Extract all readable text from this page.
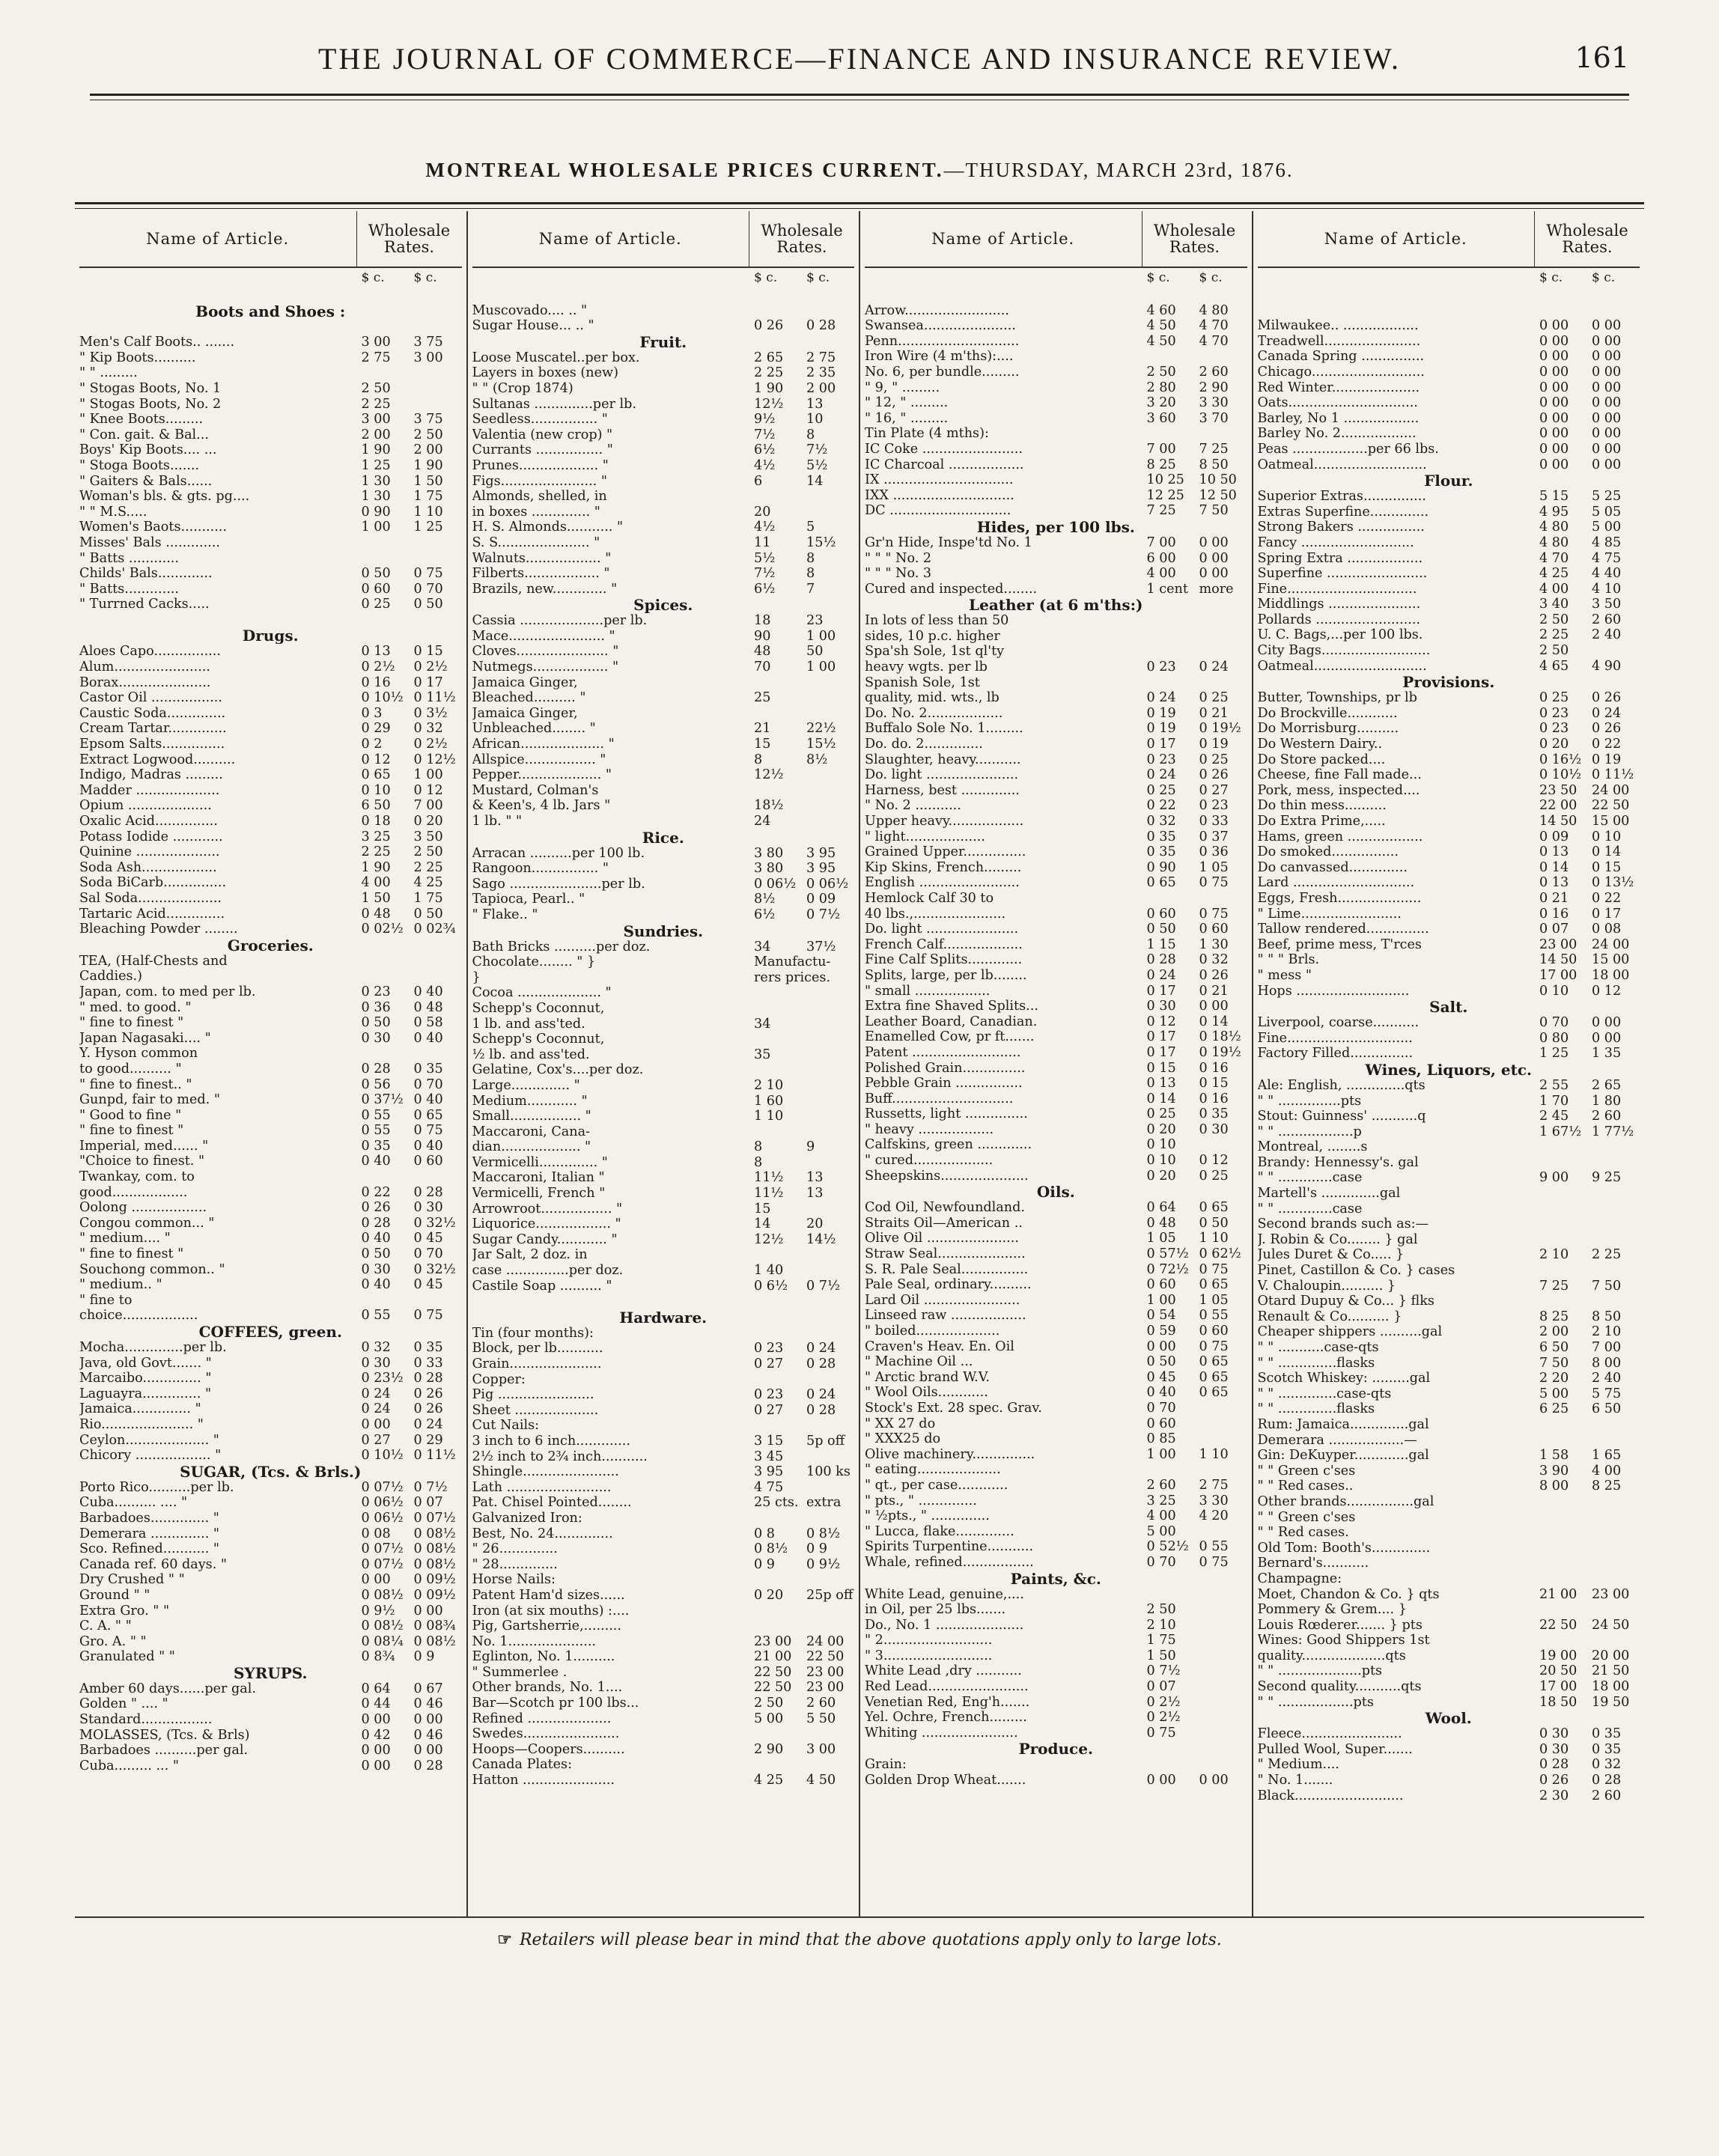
THE JOURNAL OF COMMERCE—FINANCE AND INSURANCE REVIEW.	161
MONTREAL WHOLESALE PRICES CURRENT.—THURSDAY, MARCH 23rd, 1876.
Name of Article.	Wholesale Rates.
$ c.	$ c.
Boots and Shoes :
Men's Calf Boots.. .......	3 00	3 75
" Kip Boots..........	2 75	3 00
" " .........
" Stogas Boots, No. 1	2 50
" Stogas Boots, No. 2	2 25
" Knee Boots.........	3 00	3 75
" Con. gait. & Bal...	2 00	2 50
Boys' Kip Boots.... ...	1 90	2 00
" Stoga Boots.......	1 25	1 90
" Gaiters & Bals......	1 30	1 50
Woman's bls. & gts. pg....	1 30	1 75
" " M.S.....	0 90	1 10
Women's Baots...........	1 00	1 25
Misses' Bals .............
" Batts ............
Childs' Bals.............	0 50	0 75
" Batts.............	0 60	0 70
" Turrned Cacks.....	0 25	0 50
Drugs.
Aloes Capo................	0 13	0 15
Alum.......................	0 2½	0 2½
Borax......................	0 16	0 17
Castor Oil .................	0 10½ 0 11½
Caustic Soda..............	0 3	0 3½
Cream Tartar..............	0 29	0 32
Epsom Salts...............	0 2	0 2½
Extract Logwood..........	0 12	0 12½
Indigo, Madras .........	0 65	1 00
Madder ....................	0 10	0 12
Opium ....................	6 50	7 00
Oxalic Acid...............	0 18	0 20
Potass Iodide ............	3 25	3 50
Quinine ....................	2 25	2 50
Soda Ash..................	1 90	2 25
Soda BiCarb...............	4 00	4 25
Sal Soda....................	1 50	1 75
Tartaric Acid..............	0 48	0 50
Bleaching Powder ........	0 02½ 0 02¾
Groceries.
TEA, (Half-Chests and
Caddies.)
Japan, com. to med per lb.	0 23	0 40
" med. to good. "	0 36	0 48
" fine to finest "	0 50	0 58
Japan Nagasaki.... "	0 30	0 40
Y. Hyson common
to good.......... "	0 28	0 35
" fine to finest.. "	0 56	0 70
Gunpd, fair to med. "	0 37½ 0 40
" Good to fine "	0 55	0 65
" fine to finest "	0 55	0 75
Imperial, med...... "	0 35	0 40
"Choice to finest. "	0 40	0 60
Twankay, com. to
good..................	0 22	0 28
Oolong ..................	0 26	0 30
Congou common... "	0 28	0 32½
" medium.... "	0 40	0 45
" fine to finest "	0 50	0 70
Souchong common.. "	0 30	0 32½
" medium.. "	0 40	0 45
" fine to
choice..................	0 55	0 75
COFFEES, green.
Mocha..............per lb.	0 32	0 35
Java, old Govt....... "	0 30	0 33
Marcaibo.............. "	0 23½ 0 28
Laguayra.............. "	0 24	0 26
Jamaica.............. "	0 24	0 26
Rio...................... "	0 00	0 24
Ceylon.................... "	0 27	0 29
Chicory .................. "	0 10½ 0 11½
SUGAR, (Tcs. & Brls.)
Porto Rico..........per lb.	0 07½ 0 7½
Cuba.......... .... "	0 06½ 0 07
Barbadoes.............. "	0 06½ 0 07½
Demerara .............. "	0 08	0 08½
Sco. Refined........... "	0 07½ 0 08½
Canada ref. 60 days. "	0 07½ 0 08½
Dry Crushed " "	0 00	0 09½
Ground " "	0 08½ 0 09½
Extra Gro. " "	0 9½	0 00
C. A. " "	0 08½ 0 08¾
Gro. A. " "	0 08¼ 0 08½
Granulated " "	0 8¾	0 9
SYRUPS.
Amber 60 days......per gal.	0 64	0 67
Golden " .... "	0 44	0 46
Standard.................	0 00	0 00
MOLASSES, (Tcs. & Brls)	0 42	0 46
Barbadoes ..........per gal.	0 00	0 00
Cuba......... ... "	0 00	0 28
Name of Article.	Wholesale Rates.
$ c.	$ c.
Muscovado.... .. "
Sugar House... .. "	0 26	0 28
Fruit.
Loose Muscatel..per box.	2 65	2 75
Layers in boxes (new)	2 25	2 35
" " (Crop 1874)	1 90	2 00
Sultanas ..............per lb.	12½	13
Seedless................ "	9½	10
Valentia (new crop) "	7½	8
Currants ................ "	6½	7½
Prunes................... "	4½	5½
Figs....................... "	6	14
Almonds, shelled, in
in boxes .............. "	20
H. S. Almonds........... "	4½	5
S. S...................... "	11	15½
Walnuts.................. "	5½	8
Filberts.................. "	7½	8
Brazils, new............. "	6½	7
Spices.
Cassia ....................per lb.	18	23
Mace....................... "	90	1 00
Cloves...................... "	48	50
Nutmegs.................. "	70	1 00
Jamaica Ginger,
Bleached.......... "	25
Jamaica Ginger,
Unbleached........ "	21	22½
African.................... "	15	15½
Allspice................. "	8	8½
Pepper.................... "	12½
Mustard, Colman's
& Keen's, 4 lb. Jars "	18½
1 lb. " "	24
Rice.
Arracan ..........per 100 lb.	3 80	3 95
Rangoon................ "	3 80	3 95
Sago ......................per lb.	0 06½ 0 06½
Tapioca, Pearl.. "	8½	0 09
" Flake.. "	6½	0 7½
Sundries.
Bath Bricks ..........per doz.	34	37½
Chocolate........ " }	Manufactu-
}	rers prices.
Cocoa .................... "
Schepp's Coconnut,
1 lb. and ass'ted.	34
Schepp's Coconnut,
½ lb. and ass'ted.	35
Gelatine, Cox's....per doz.
Large.............. "	2 10
Medium............ "	1 60
Small................. "	1 10
Maccaroni, Cana-
dian................... "	8	9
Vermicelli.............. "	8
Maccaroni, Italian "	11½	13
Vermicelli, French "	11½	13
Arrowroot................. "	15
Liquorice.................. "	14	20
Sugar Candy............ "	12½	14½
Jar Salt, 2 doz. in
case ...............per doz.	1 40
Castile Soap .......... "	0 6½	0 7½
Hardware.
Tin (four months):
Block, per lb...........	0 23	0 24
Grain......................	0 27	0 28
Copper:
Pig .......................	0 23	0 24
Sheet ....................	0 27	0 28
Cut Nails:
3 inch to 6 inch.............	3 15	5p off
2½ inch to 2¾ inch...........	3 45
Shingle.......................	3 95	100 ks
Lath .........................	4 75
Pat. Chisel Pointed........	25 cts. extra
Galvanized Iron:
Best, No. 24..............	0 8	0 8½
" 26..............	0 8½	0 9
" 28..............	0 9	0 9½
Horse Nails:
Patent Ham'd sizes......	0 20	25p off
Iron (at six mouths) :....
Pig, Gartsherrie,.........
No. 1.....................	23 00	24 00
Eglinton, No. 1..........	21 00	22 50
" Summerlee .	22 50	23 00
Other brands, No. 1....	22 50	23 00
Bar—Scotch pr 100 lbs...	2 50	2 60
Refined ....................	5 00	5 50
Swedes.......................
Hoops—Coopers..........	2 90	3 00
Canada Plates:
Hatton ......................	4 25	4 50
Name of Article.	Wholesale Rates.
$ c.	$ c.
Arrow.........................	4 60	4 80
Swansea......................	4 50	4 70
Penn.............................	4 50	4 70
Iron Wire (4 m'ths):....
No. 6, per bundle.........	2 50	2 60
" 9, " .........	2 80	2 90
" 12, " .........	3 20	3 30
" 16, " .........	3 60	3 70
Tin Plate (4 mths):
IC Coke ........................	7 00	7 25
IC Charcoal ..................	8 25	8 50
IX ...............................	10 25	10 50
IXX .............................	12 25	12 50
DC .............................	7 25	7 50
Hides, per 100 lbs.
Gr'n Hide, Inspe'td No. 1	7 00	0 00
" " " No. 2	6 00	0 00
" " " No. 3	4 00	0 00
Cured and inspected........	1 cent more
Leather (at 6 m'ths:)
In lots of less than 50
sides, 10 p.c. higher
Spa'sh Sole, 1st ql'ty
heavy wgts. per lb	0 23	0 24
Spanish Sole, 1st
quality, mid. wts., lb	0 24	0 25
Do. No. 2..................	0 19	0 21
Buffalo Sole No. 1.........	0 19	0 19½
Do. do. 2..............	0 17	0 19
Slaughter, heavy...........	0 23	0 25
Do. light ......................	0 24	0 26
Harness, best ..............	0 25	0 27
" No. 2 ...........	0 22	0 23
Upper heavy..................	0 32	0 33
" light...................	0 35	0 37
Grained Upper...............	0 35	0 36
Kip Skins, French.........	0 90	1 05
English ........................	0 65	0 75
Hemlock Calf 30 to
40 lbs.,......................	0 60	0 75
Do. light ......................	0 50	0 60
French Calf...................	1 15	1 30
Fine Calf Splits.............	0 28	0 32
Splits, large, per lb........	0 24	0 26
" small ..................	0 17	0 21
Extra fine Shaved Splits...	0 30	0 00
Leather Board, Canadian.	0 12	0 14
Enamelled Cow, pr ft.......	0 17	0 18½
Patent ..........................	0 17	0 19½
Polished Grain...............	0 15	0 16
Pebble Grain ................	0 13	0 15
Buff.............................	0 14	0 16
Russetts, light ...............	0 25	0 35
" heavy ..................	0 20	0 30
Calfskins, green .............	0 10
" cured...................	0 10	0 12
Sheepskins.....................	0 20	0 25
Oils.
Cod Oil, Newfoundland.	0 64	0 65
Straits Oil—American ..	0 48	0 50
Olive Oil ......................	1 05	1 10
Straw Seal.....................	0 57½ 0 62½
S. R. Pale Seal................	0 72½ 0 75
Pale Seal, ordinary..........	0 60	0 65
Lard Oil .......................	1 00	1 05
Linseed raw ..................	0 54	0 55
" boiled....................	0 59	0 60
Craven's Heav. En. Oil	0 00	0 75
" Machine Oil ...	0 50	0 65
" Arctic brand W.V.	0 45	0 65
" Wool Oils............	0 40	0 65
Stock's Ext. 28 spec. Grav.	0 70
" XX 27 do	0 60
" XXX25 do	0 85
Olive machinery...............	1 00	1 10
" eating....................
" qt., per case............	2 60	2 75
" pts., " ..............	3 25	3 30
" ½pts., " ..............	4 00	4 20
" Lucca, flake..............	5 00
Spirits Turpentine...........	0 52½ 0 55
Whale, refined.................	0 70	0 75
Paints, &c.
White Lead, genuine,....
in Oil, per 25 lbs.......	2 50
Do., No. 1 .....................	2 10
" 2..........................	1 75
" 3..........................	1 50
White Lead ,dry ...........	0 7½
Red Lead........................	0 07
Venetian Red, Eng'h.......	0 2½
Yel. Ochre, French.........	0 2½
Whiting .......................	0 75
Produce.
Grain:
Golden Drop Wheat.......	0 00	0 00
Name of Article.	Wholesale Rates.
$ c.	$ c.
Milwaukee.. ..................	0 00	0 00
Treadwell.......................	0 00	0 00
Canada Spring ...............	0 00	0 00
Chicago...........................	0 00	0 00
Red Winter.....................	0 00	0 00
Oats...............................	0 00	0 00
Barley, No 1 ..................	0 00	0 00
Barley No. 2..................	0 00	0 00
Peas ..................per 66 lbs.	0 00	0 00
Oatmeal...........................	0 00	0 00
Flour.
Superior Extras...............	5 15	5 25
Extras Superfine..............	4 95	5 05
Strong Bakers ................	4 80	5 00
Fancy ...........................	4 80	4 85
Spring Extra ..................	4 70	4 75
Superfine ........................	4 25	4 40
Fine...............................	4 00	4 10
Middlings ......................	3 40	3 50
Pollards .........................	2 50	2 60
U. C. Bags,...per 100 lbs.	2 25	2 40
City Bags..........................	2 50
Oatmeal...........................	4 65	4 90
Provisions.
Butter, Townships, pr lb	0 25	0 26
Do Brockville............	0 23	0 24
Do Morrisburg..........	0 23	0 26
Do Western Dairy..	0 20	0 22
Do Store packed....	0 16½ 0 19
Cheese, fine Fall made...	0 10½ 0 11½
Pork, mess, inspected....	23 50	24 00
Do thin mess..........	22 00	22 50
Do Extra Prime,.....	14 50	15 00
Hams, green ..................	0 09	0 10
Do smoked................	0 13	0 14
Do canvassed..............	0 14	0 15
Lard .............................	0 13	0 13½
Eggs, Fresh....................	0 21	0 22
" Lime........................	0 16	0 17
Tallow rendered...............	0 07	0 08
Beef, prime mess, T'rces	23 00	24 00
" " " Brls.	14 50	15 00
" mess "	17 00	18 00
Hops ...........................	0 10	0 12
Salt.
Liverpool, coarse...........	0 70	0 00
Fine..............................	0 80	0 00
Factory Filled...............	1 25	1 35
Wines, Liquors, etc.
Ale: English, ..............qts	2 55	2 65
" " ...............pts	1 70	1 80
Stout: Guinness' ...........q	2 45	2 60
" " ..................p	1 67½ 1 77½
Montreal, ........s
Brandy: Hennessy's. gal
" " .............case	9 00	9 25
Martell's ..............gal
" " .............case
Second brands such as:—
J. Robin & Co........ } gal
Jules Duret & Co..... }	2 10	2 25
Pinet, Castillon & Co. } cases
V. Chaloupin.......... }	7 25	7 50
Otard Dupuy & Co... } flks
Renault & Co.......... }	8 25	8 50
Cheaper shippers ..........gal	2 00	2 10
" " ...........case-qts	6 50	7 00
" " ..............flasks	7 50	8 00
Scotch Whiskey: .........gal	2 20	2 40
" " ..............case-qts	5 00	5 75
" " ..............flasks	6 25	6 50
Rum: Jamaica..............gal
Demerara ..................—
Gin: DeKuyper.............gal	1 58	1 65
" " Green c'ses	3 90	4 00
" " Red cases..	8 00	8 25
Other brands................gal
" " Green c'ses
" " Red cases.
Old Tom: Booth's..............
Bernard's...........
Champagne:
Moet, Chandon & Co. } qts	21 00	23 00
Pommery & Grem.... }
Louis Rœderer....... } pts	22 50	24 50
Wines: Good Shippers 1st
quality....................qts	19 00	20 00
" " ....................pts	20 50	21 50
Second quality...........qts	17 00	18 00
" " ..................pts	18 50	19 50
Wool.
Fleece........................	0 30	0 35
Pulled Wool, Super.......	0 30	0 35
" Medium....	0 28	0 32
" No. 1.......	0 26	0 28
Black..........................	2 30	2 60
☞ Retailers will please bear in mind that the above quotations apply only to large lots.
